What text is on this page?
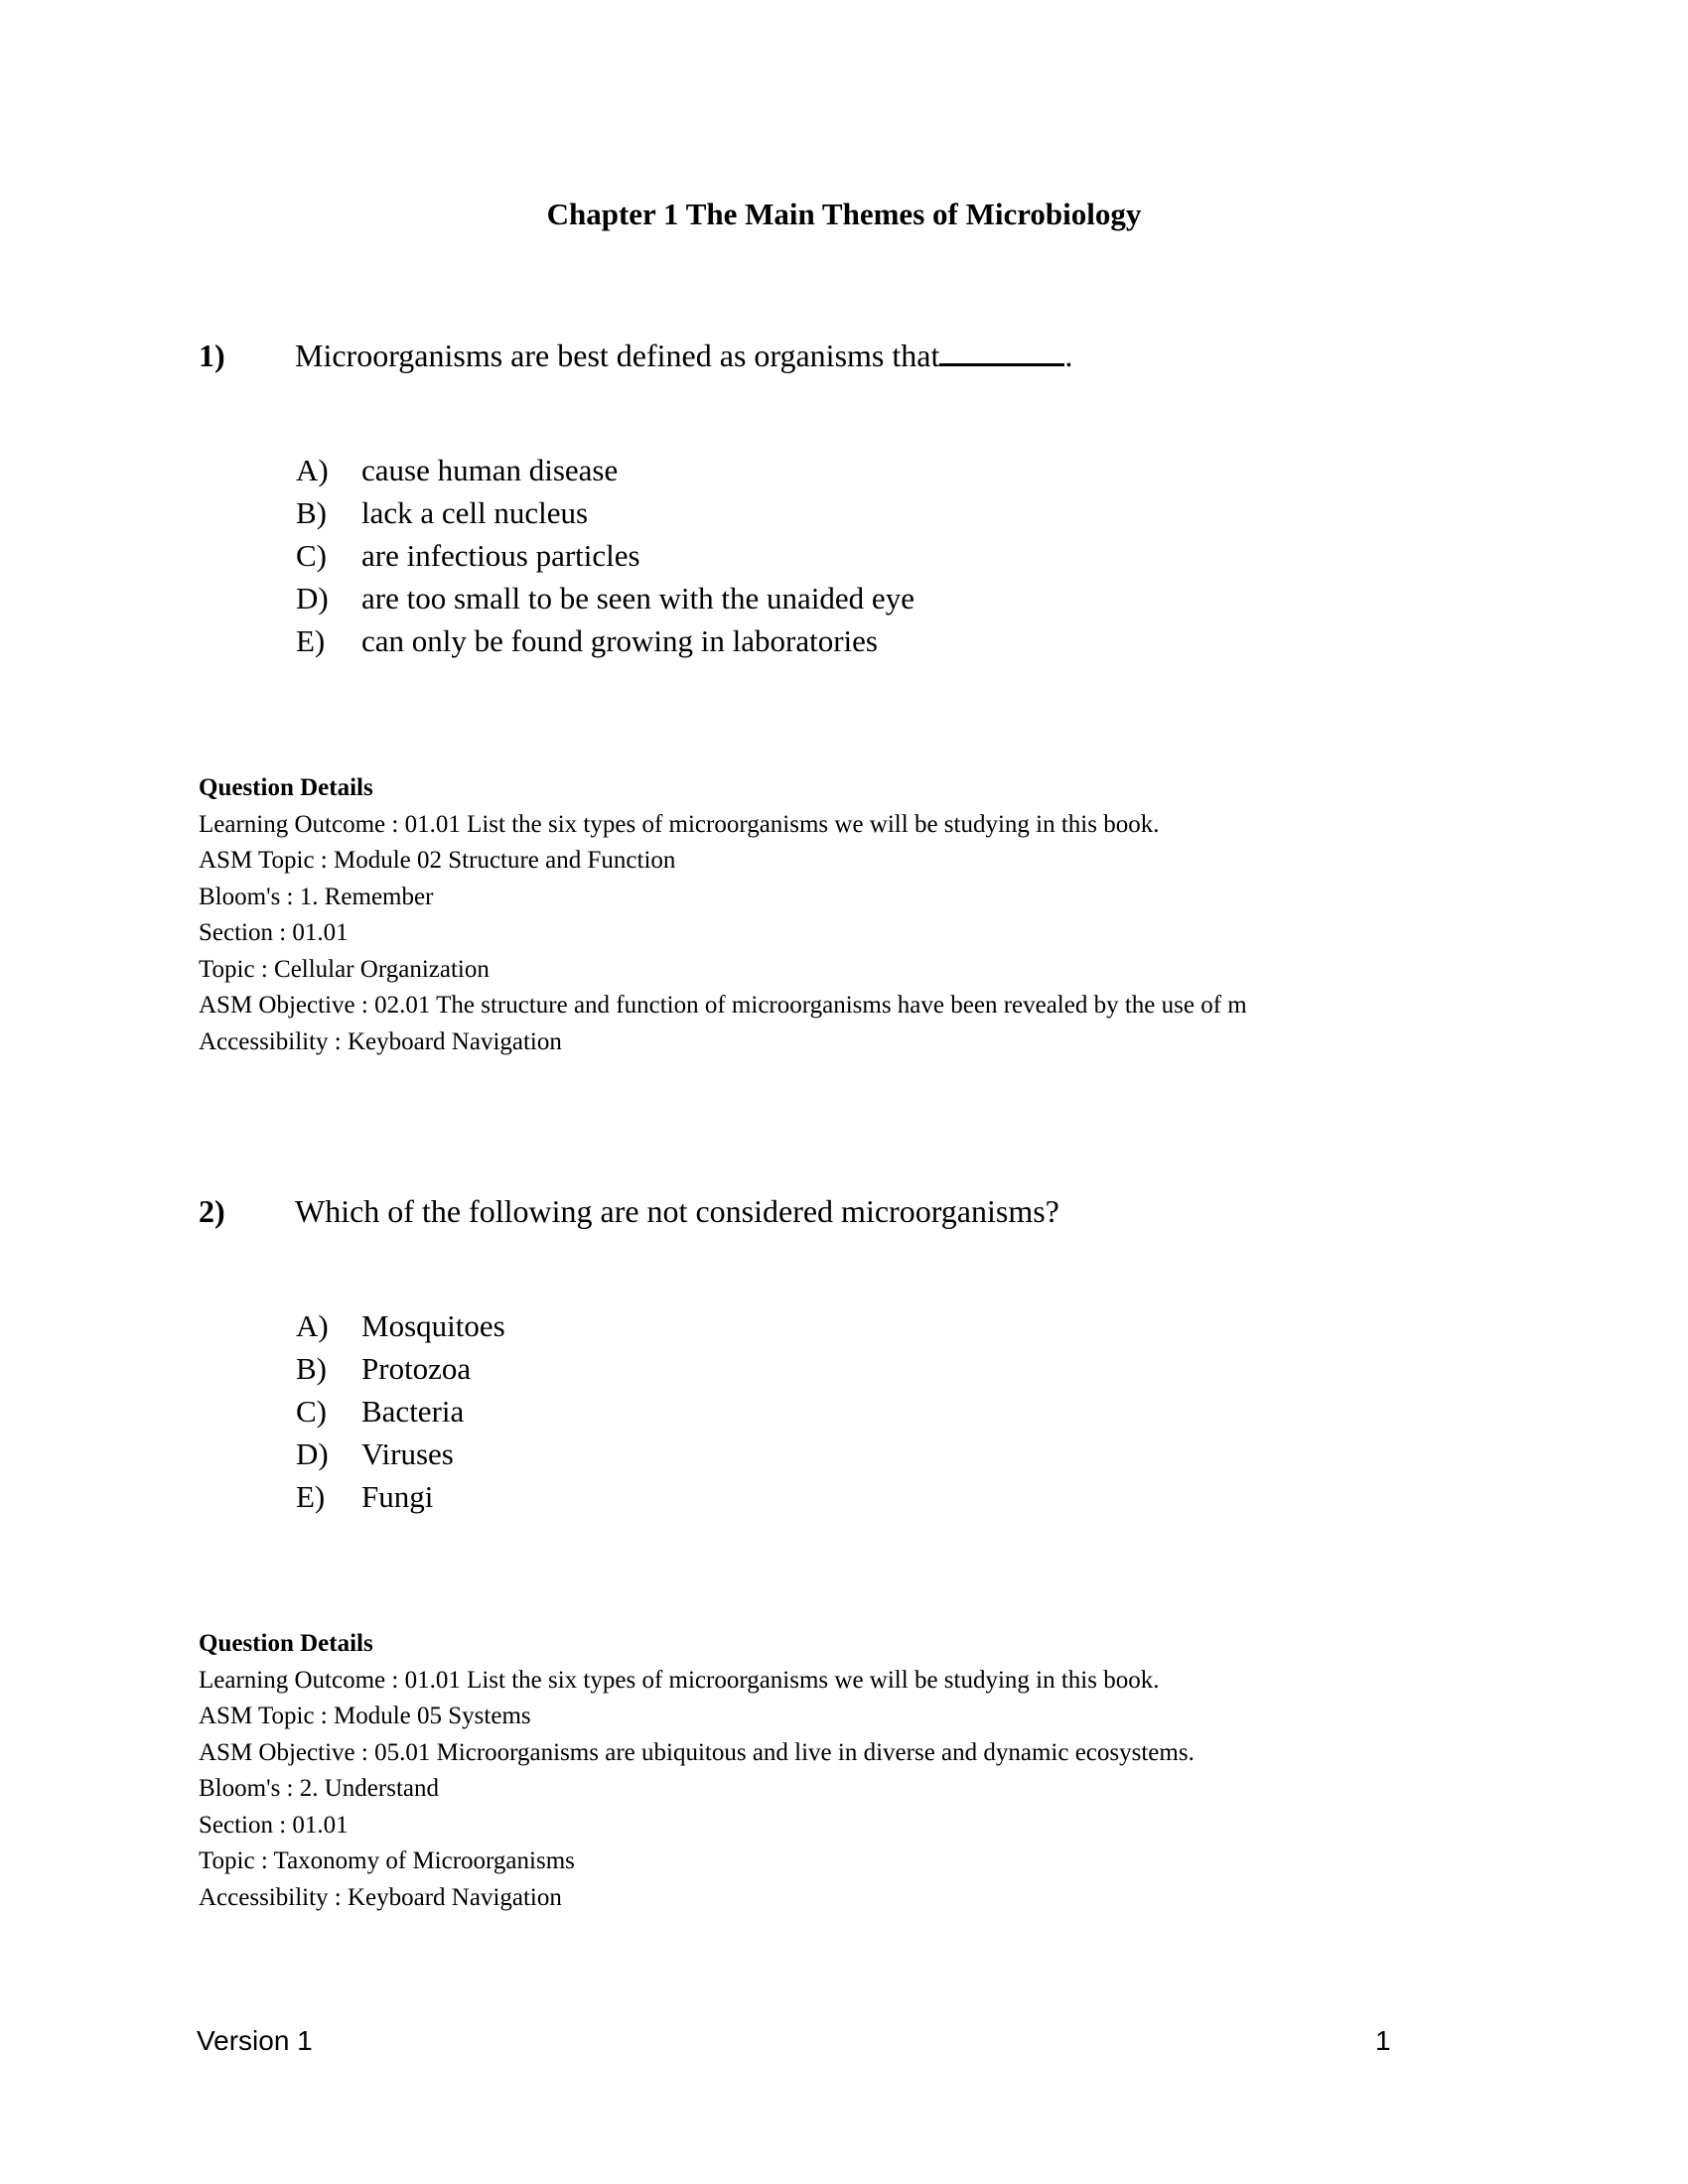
Chapter 1 The Main Themes of Microbiology
1) Microorganisms are best defined as organisms that	.
A) cause human disease
B) lack a cell nucleus
C) are infectious particles
D) are too small to be seen with the unaided eye
E) can only be found growing in laboratories
Question Details
Learning Outcome : 01.01 List the six types of microorganisms we will be studying in this book.
ASM Topic : Module 02 Structure and Function
Bloom's : 1. Remember
Section : 01.01
Topic : Cellular Organization
ASM Objective : 02.01 The structure and function of microorganisms have been revealed by the use of m
Accessibility : Keyboard Navigation
2) Which of the following are not considered microorganisms?
A) Mosquitoes
B) Protozoa
C) Bacteria
D) Viruses
E) Fungi
Question Details
Learning Outcome : 01.01 List the six types of microorganisms we will be studying in this book.
ASM Topic : Module 05 Systems
ASM Objective : 05.01 Microorganisms are ubiquitous and live in diverse and dynamic ecosystems.
Bloom's : 2. Understand
Section : 01.01
Topic : Taxonomy of Microorganisms
Accessibility : Keyboard Navigation
Version 1	1
